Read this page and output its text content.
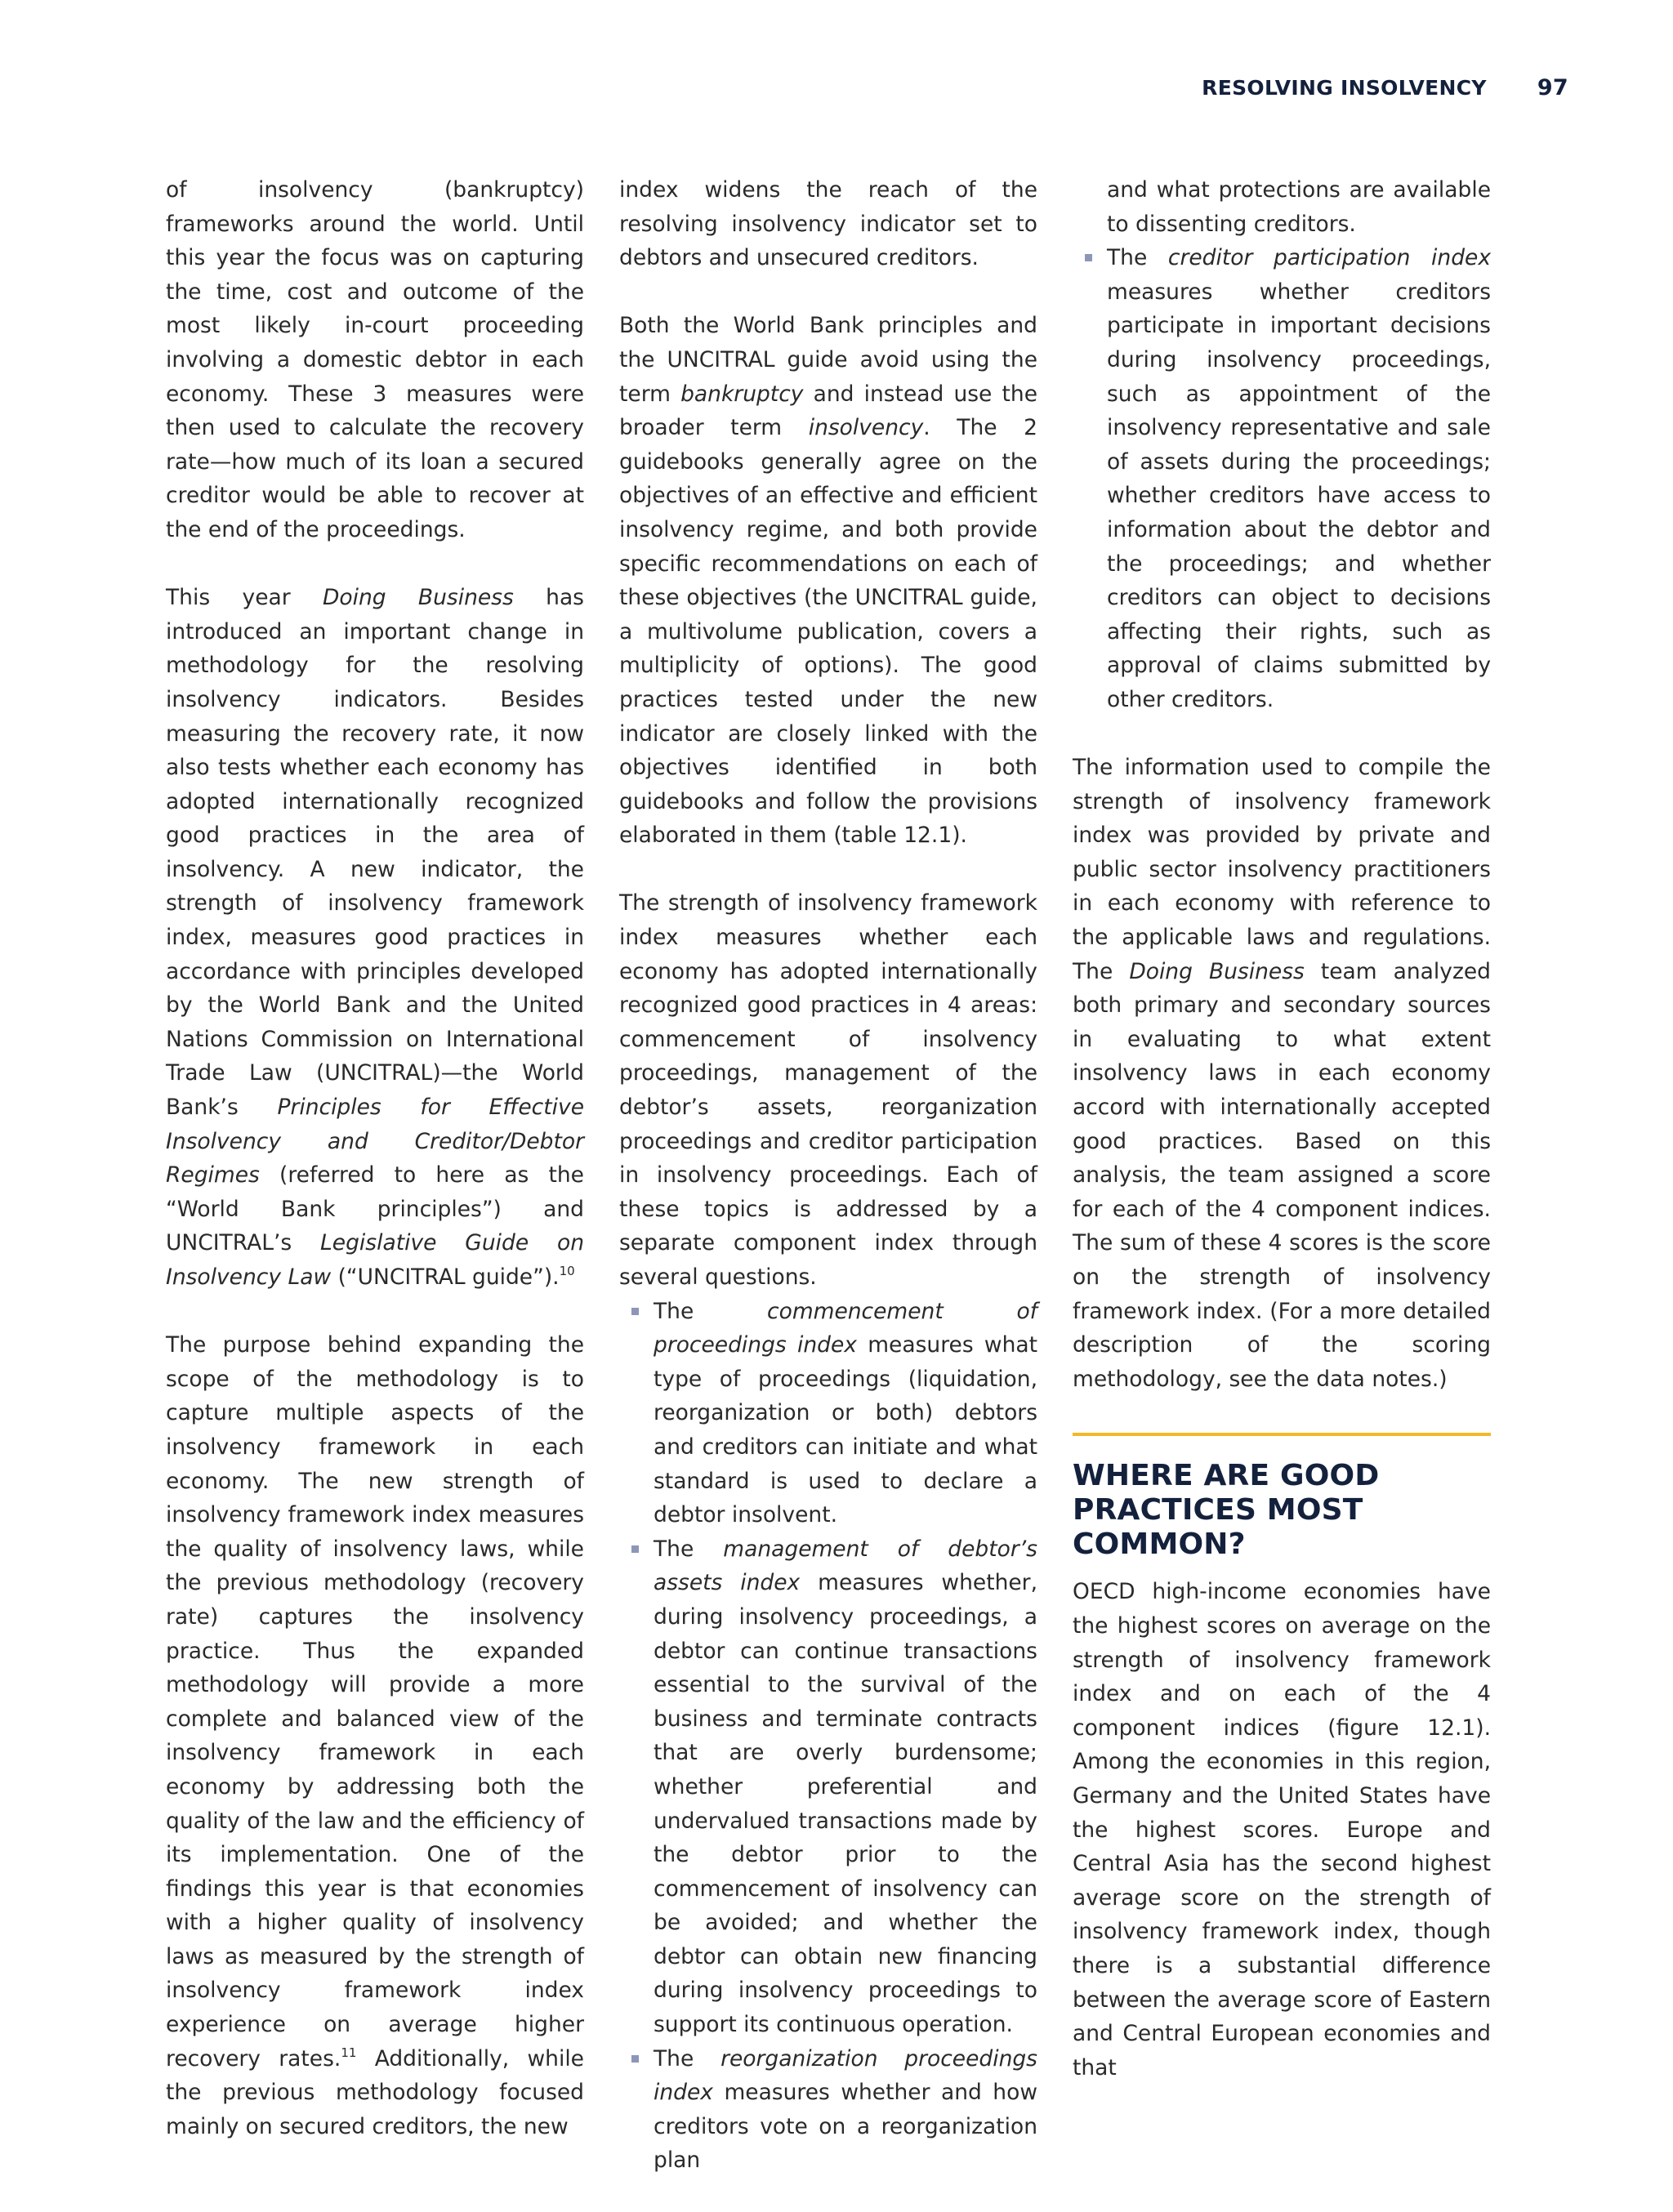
RESOLVING INSOLVENCY 97

of insolvency (bankruptcy) frameworks around the world. Until this year the focus was on capturing the time, cost and outcome of the most likely in-court proceeding involving a domestic debtor in each economy. These 3 measures were then used to calculate the recovery rate—how much of its loan a secured creditor would be able to recover at the end of the proceedings.

This year Doing Business has introduced an important change in methodology for the resolving insolvency indicators. Besides measuring the recovery rate, it now also tests whether each economy has adopted internationally recognized good practices in the area of insolvency. A new indicator, the strength of insolvency framework index, measures good practices in accordance with principles developed by the World Bank and the United Nations Commission on International Trade Law (UNCITRAL)—the World Bank’s Principles for Effective Insolvency and Creditor/Debtor Regimes (referred to here as the “World Bank principles”) and UNCITRAL’s Legislative Guide on Insolvency Law (“UNCITRAL guide”).$^{10}$

The purpose behind expanding the scope of the methodology is to capture multiple aspects of the insolvency framework in each economy. The new strength of insolvency framework index measures the quality of insolvency laws, while the previous methodology (recovery rate) captures the insolvency practice. Thus the expanded methodology will provide a more complete and balanced view of the insolvency framework in each economy by addressing both the quality of the law and the efficiency of its implementation. One of the findings this year is that economies with a higher quality of insolvency laws as measured by the strength of insolvency framework index experience on average higher recovery rates.$^{11}$ Additionally, while the previous methodology focused mainly on secured creditors, the new

index widens the reach of the resolving insolvency indicator set to debtors and unsecured creditors.

Both the World Bank principles and the UNCITRAL guide avoid using the term bankruptcy and instead use the broader term insolvency. The 2 guidebooks generally agree on the objectives of an effective and efficient insolvency regime, and both provide specific recommendations on each of these objectives (the UNCITRAL guide, a multivolume publication, covers a multiplicity of options). The good practices tested under the new indicator are closely linked with the objectives identified in both guidebooks and follow the provisions elaborated in them (table 12.1).

The strength of insolvency framework index measures whether each economy has adopted internationally recognized good practices in 4 areas: commencement of insolvency proceedings, management of the debtor’s assets, reorganization proceedings and creditor participation in insolvency proceedings. Each of these topics is addressed by a separate component index through several questions.

The commencement of proceedings index measures what type of proceedings (liquidation, reorganization or both) debtors and creditors can initiate and what standard is used to declare a debtor insolvent.
The management of debtor’s assets index measures whether, during insolvency proceedings, a debtor can continue transactions essential to the survival of the business and terminate contracts that are overly burdensome; whether preferential and undervalued transactions made by the debtor prior to the commencement of insolvency can be avoided; and whether the debtor can obtain new financing during insolvency proceedings to support its continuous operation.
The reorganization proceedings index measures whether and how creditors vote on a reorganization plan
and what protections are available to dissenting creditors.
The creditor participation index measures whether creditors participate in important decisions during insolvency proceedings, such as appointment of the insolvency representative and sale of assets during the proceedings; whether creditors have access to information about the debtor and the proceedings; and whether creditors can object to decisions affecting their rights, such as approval of claims submitted by other creditors.

The information used to compile the strength of insolvency framework index was provided by private and public sector insolvency practitioners in each economy with reference to the applicable laws and regulations. The Doing Business team analyzed both primary and secondary sources in evaluating to what extent insolvency laws in each economy accord with internationally accepted good practices. Based on this analysis, the team assigned a score for each of the 4 component indices. The sum of these 4 scores is the score on the strength of insolvency framework index. (For a more detailed description of the scoring methodology, see the data notes.)

WHERE ARE GOOD PRACTICES MOST COMMON?

OECD high-income economies have the highest scores on average on the strength of insolvency framework index and on each of the 4 component indices (figure 12.1). Among the economies in this region, Germany and the United States have the highest scores. Europe and Central Asia has the second highest average score on the strength of insolvency framework index, though there is a substantial difference between the average score of Eastern and Central European economies and that
